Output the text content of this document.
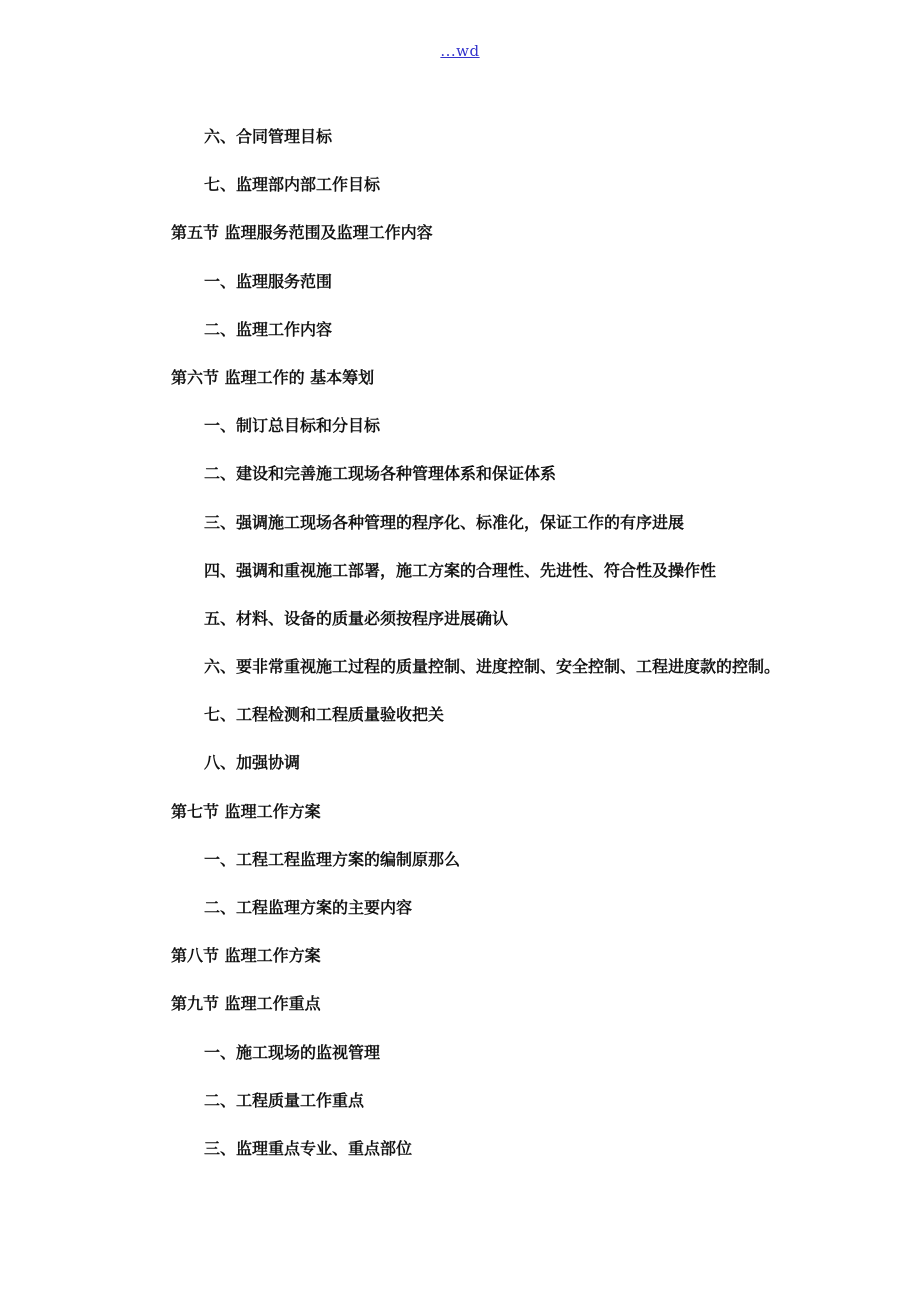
...wd
六、合同管理目标
七、监理部内部工作目标
第五节 监理服务范围及监理工作内容
一、监理服务范围
二、监理工作内容
第六节 监理工作的 基本筹划
一、制订总目标和分目标
二、建设和完善施工现场各种管理体系和保证体系
三、强调施工现场各种管理的程序化、标准化，保证工作的有序进展
四、强调和重视施工部署，施工方案的合理性、先进性、符合性及操作性
五、材料、设备的质量必须按程序进展确认
六、要非常重视施工过程的质量控制、进度控制、安全控制、工程进度款的控制。
七、工程检测和工程质量验收把关
八、加强协调
第七节 监理工作方案
一、工程工程监理方案的编制原那么
二、工程监理方案的主要内容
第八节 监理工作方案
第九节 监理工作重点
一、施工现场的监视管理
二、工程质量工作重点
三、监理重点专业、重点部位
